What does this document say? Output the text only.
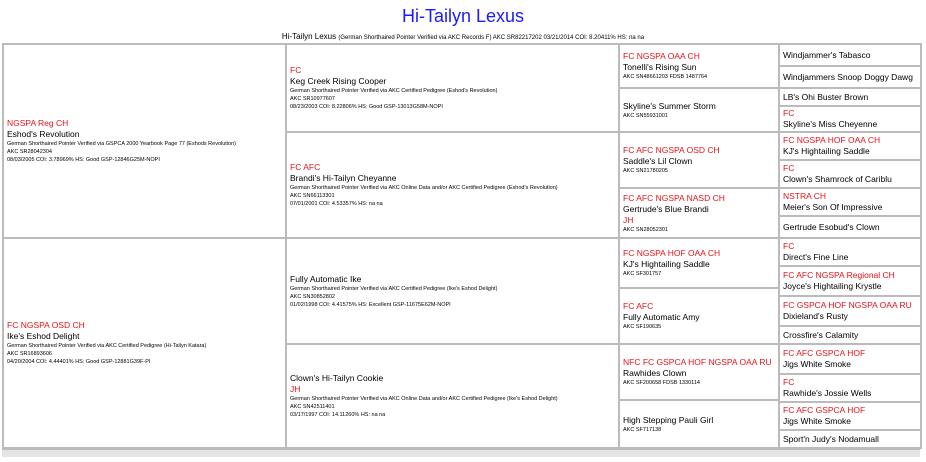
Hi-Tailyn Lexus
Hi-Tailyn Lexus (German Shorthaired Pointer Verified via AKC Records F) AKC SR82217202 03/21/2014 COI: 8.20411% HS: na na
NGSPA Reg CH
Eshod's Revolution
German Shorthaired Pointer Verified via GSPCA 2000 Yearbook Page 77 (Eshods Revolution)
AKC SR28042304
08/03/2005 COI: 3.78969% HS: Good GSP-12846G25M-NOPI
FC NGSPA OSD CH
Ike's Eshod Delight
German Shorthaired Pointer Verified via AKC Certified Pedigree (Hi-Tailyn Katara)
AKC SR16893606
04/20/2004 COI: 4.44401% HS: Good GSP-12881G39F-PI
FC
Keg Creek Rising Cooper
German Shorthaired Pointer Verified via AKC Certified Pedigree (Eshod's Revolution)
AKC SR10977607
08/23/2003 COI: 8.22806% HS: Good GSP-13013G58M-NOPI
FC AFC
Brandi's Hi-Tailyn Cheyanne
German Shorthaired Pointer Verified via AKC Online Data and/or AKC Certified Pedigree (Eshod's Revolution)
AKC SN66113301
07/01/2001 COI: 4.53357% HS: na na
Fully Automatic Ike
German Shorthaired Pointer Verified via AKC Certified Pedigree (Ike's Eshod Delight)
AKC SN30852802
01/02/1998 COI: 4.41575% HS: Excellent GSP-11675E62M-NOPI
Clown's Hi-Tailyn Cookie
JH
German Shorthaired Pointer Verified via AKC Online Data and/or AKC Certified Pedigree (Ike's Eshod Delight)
AKC SN42511401
03/17/1997 COI: 14.11260% HS: na na
FC NGSPA OAA CH
Tonelli's Rising Sun
AKC SN48661203 FDSB 1487764
Skyline's Summer Storm
AKC SN55931001
FC AFC NGSPA OSD CH
Saddle's Lil Clown
AKC SN21780205
FC AFC NGSPA NASD CH
Gertrude's Blue Brandi
JH
AKC SN28052301
FC NGSPA HOF OAA CH
KJ's Hightailing Saddle
AKC SF301757
FC AFC
Fully Automatic Amy
AKC SF190635
NFC FC GSPCA HOF NGSPA OAA RU
Rawhides Clown
AKC SF200658 FDSB 1330114
High Stepping Pauli Girl
AKC SF717138
Windjammer's Tabasco
Windjammers Snoop Doggy Dawg
LB's Ohi Buster Brown
FC
Skyline's Miss Cheyenne
FC NGSPA HOF OAA CH
KJ's Hightailing Saddle
FC
Clown's Shamrock of Cariblu
NSTRA CH
Meier's Son Of Impressive
Gertrude Esobud's Clown
FC
Direct's Fine Line
FC AFC NGSPA Regional CH
Joyce's Hightailing Krystle
FC GSPCA HOF NGSPA OAA RU
Dixieland's Rusty
Crossfire's Calamity
FC AFC GSPCA HOF
Jigs White Smoke
FC
Rawhide's Jossie Wells
FC AFC GSPCA HOF
Jigs White Smoke
Sport'n Judy's Nodamuall
